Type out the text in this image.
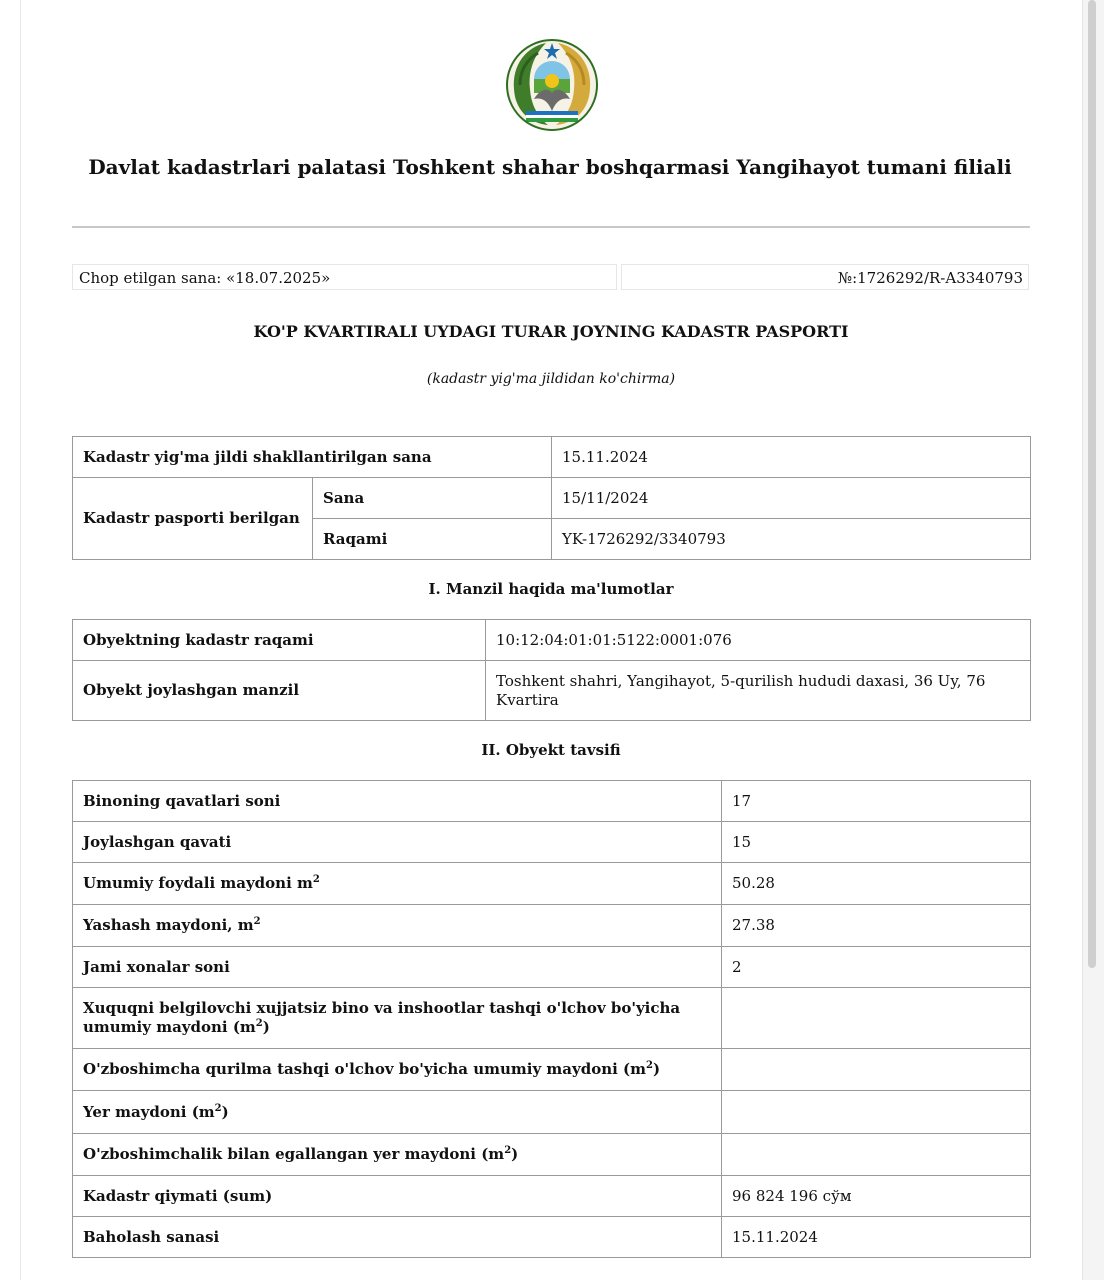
Davlat kadastrlari palatasi Toshkent shahar boshqarmasi Yangihayot tumani filiali
Chop etilgan sana: «18.07.2025»	№:1726292/R-A3340793
KO'P KVARTIRALI UYDAGI TURAR JOYNING KADASTR PASPORTI
(kadastr yig'ma jildidan ko'chirma)
Kadastr yig'ma jildi shakllantirilgan sana		15.11.2024
Kadastr pasporti berilgan	Sana	15/11/2024
	Raqami	YK-1726292/3340793
I. Manzil haqida ma'lumotlar
Obyektning kadastr raqami	10:12:04:01:01:5122:0001:076
Obyekt joylashgan manzil	Toshkent shahri, Yangihayot, 5-qurilish hududi daxasi, 36 Uy, 76 Kvartira
II. Obyekt tavsifi
Binoning qavatlari soni	17
Joylashgan qavati	15
Umumiy foydali maydoni $m^2$	50.28
Yashash maydoni, $m^2$	27.38
Jami xonalar soni	2
Xuquqni belgilovchi xujjatsiz bino va inshootlar tashqi o'lchov bo'yicha umumiy maydoni $(m^2)$	
O'zboshimcha qurilma tashqi o'lchov bo'yicha umumiy maydoni $(m^2)$	
Yer maydoni $(m^2)$	
O'zboshimchalik bilan egallangan yer maydoni $(m^2)$	
Kadastr qiymati (sum)	96 824 196 сўм
Baholash sanasi	15.11.2024
